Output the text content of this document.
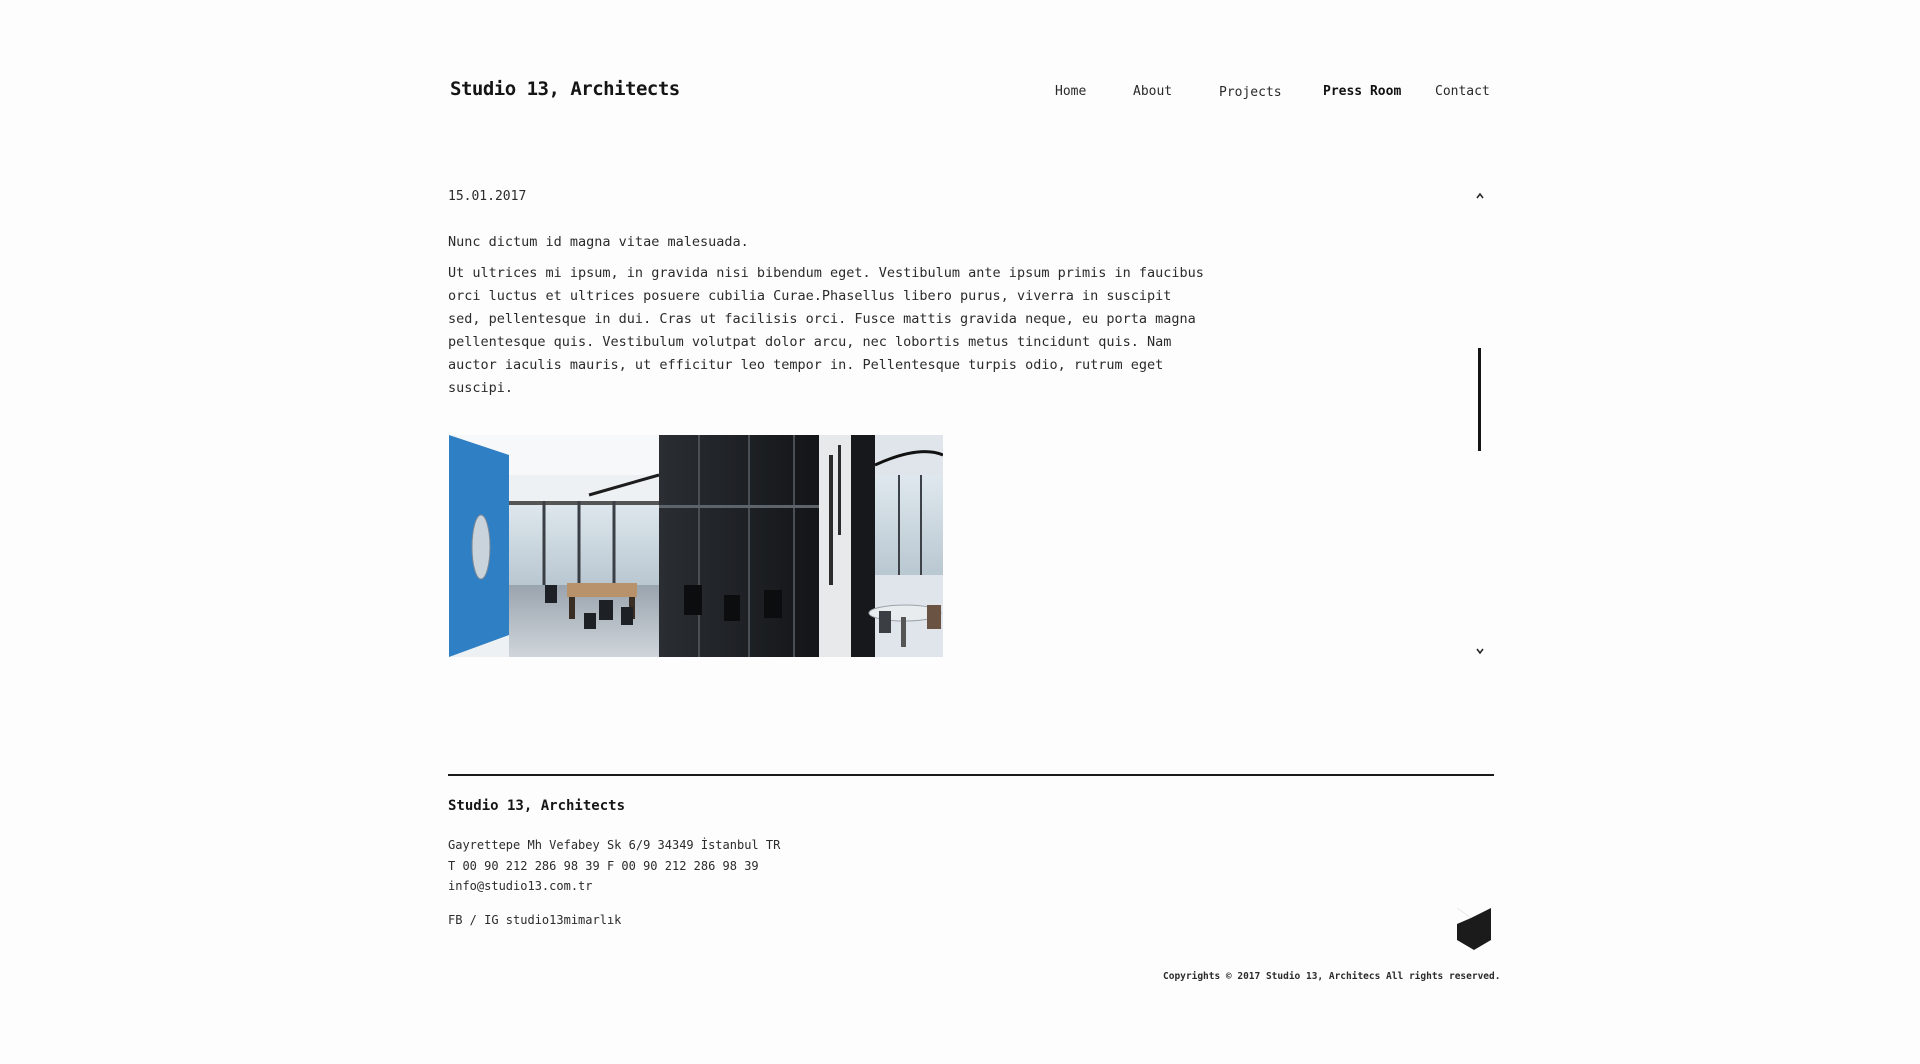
Studio 13, Architects	Home	About	Projects	Press Room	Contact
15.01.2017

Nunc dictum id magna vitae malesuada.

Ut ultrices mi ipsum, in gravida nisi bibendum eget. Vestibulum ante ipsum primis in faucibus orci luctus et ultrices posuere cubilia Curae.Phasellus libero purus, viverra in suscipit sed, pellentesque in dui. Cras ut facilisis orci. Fusce mattis gravida neque, eu porta magna pellentesque quis. Vestibulum volutpat dolor arcu, nec lobortis metus tincidunt quis. Nam auctor iaculis mauris, ut efficitur leo tempor in. Pellentesque turpis odio, rutrum eget suscipi.

Studio 13, Architects
Gayrettepe Mh Vefabey Sk 6/9 34349 İstanbul TR
T 00 90 212 286 98 39 F 00 90 212 286 98 39
info@studio13.com.tr
FB / IG studio13mimarlık
Copyrights © 2017 Studio 13, Architecs All rights reserved.
